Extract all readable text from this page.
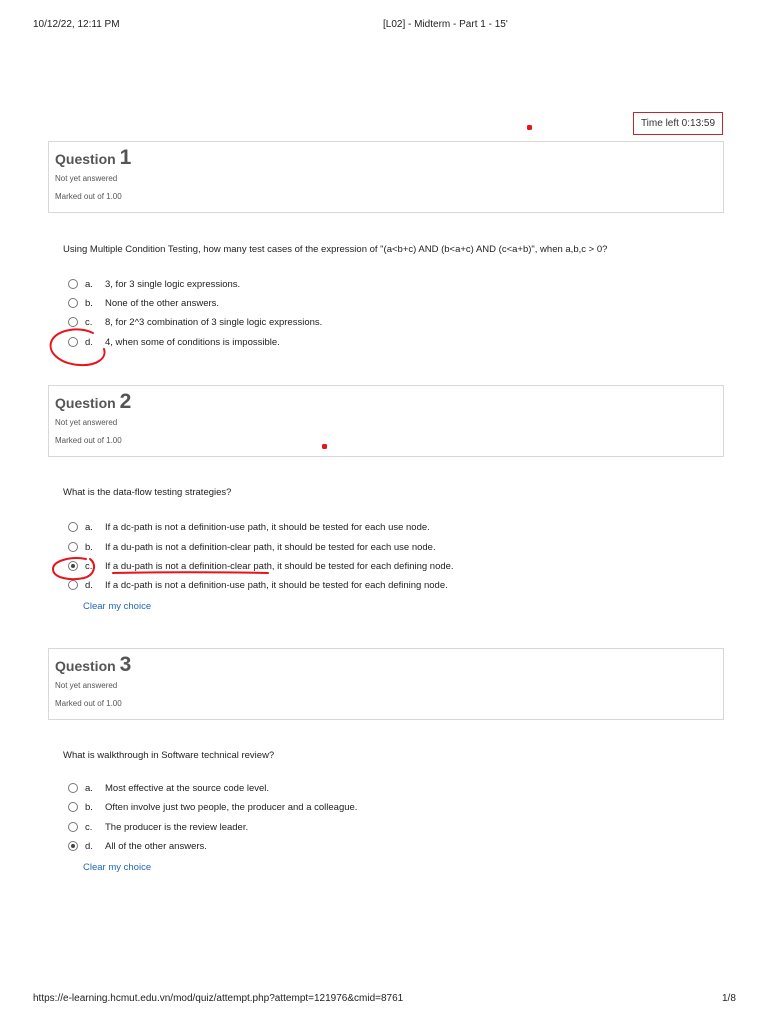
10/12/22, 12:11 PM	[L02] - Midterm - Part 1 - 15'
Time left 0:13:59
Question 1
Not yet answered
Marked out of 1.00
Using Multiple Condition Testing, how many test cases of the expression of "(a<b+c) AND (b<a+c) AND (c<a+b)", when a,b,c > 0?
a.	3, for 3 single logic expressions.
b.	None of the other answers.
c.	8, for 2^3 combination of 3 single logic expressions.
d.	4, when some of conditions is impossible.
Question 2
Not yet answered
Marked out of 1.00
What is the data-flow testing strategies?
a.	If a dc-path is not a definition-use path, it should be tested for each use node.
b.	If a du-path is not a definition-clear path, it should be tested for each use node.
c.	If a du-path is not a definition-clear path, it should be tested for each defining node.
d.	If a dc-path is not a definition-use path, it should be tested for each defining node.
Clear my choice
Question 3
Not yet answered
Marked out of 1.00
What is walkthrough in Software technical review?
a.	Most effective at the source code level.
b.	Often involve just two people, the producer and a colleague.
c.	The producer is the review leader.
d.	All of the other answers.
Clear my choice
https://e-learning.hcmut.edu.vn/mod/quiz/attempt.php?attempt=121976&cmid=8761	1/8
